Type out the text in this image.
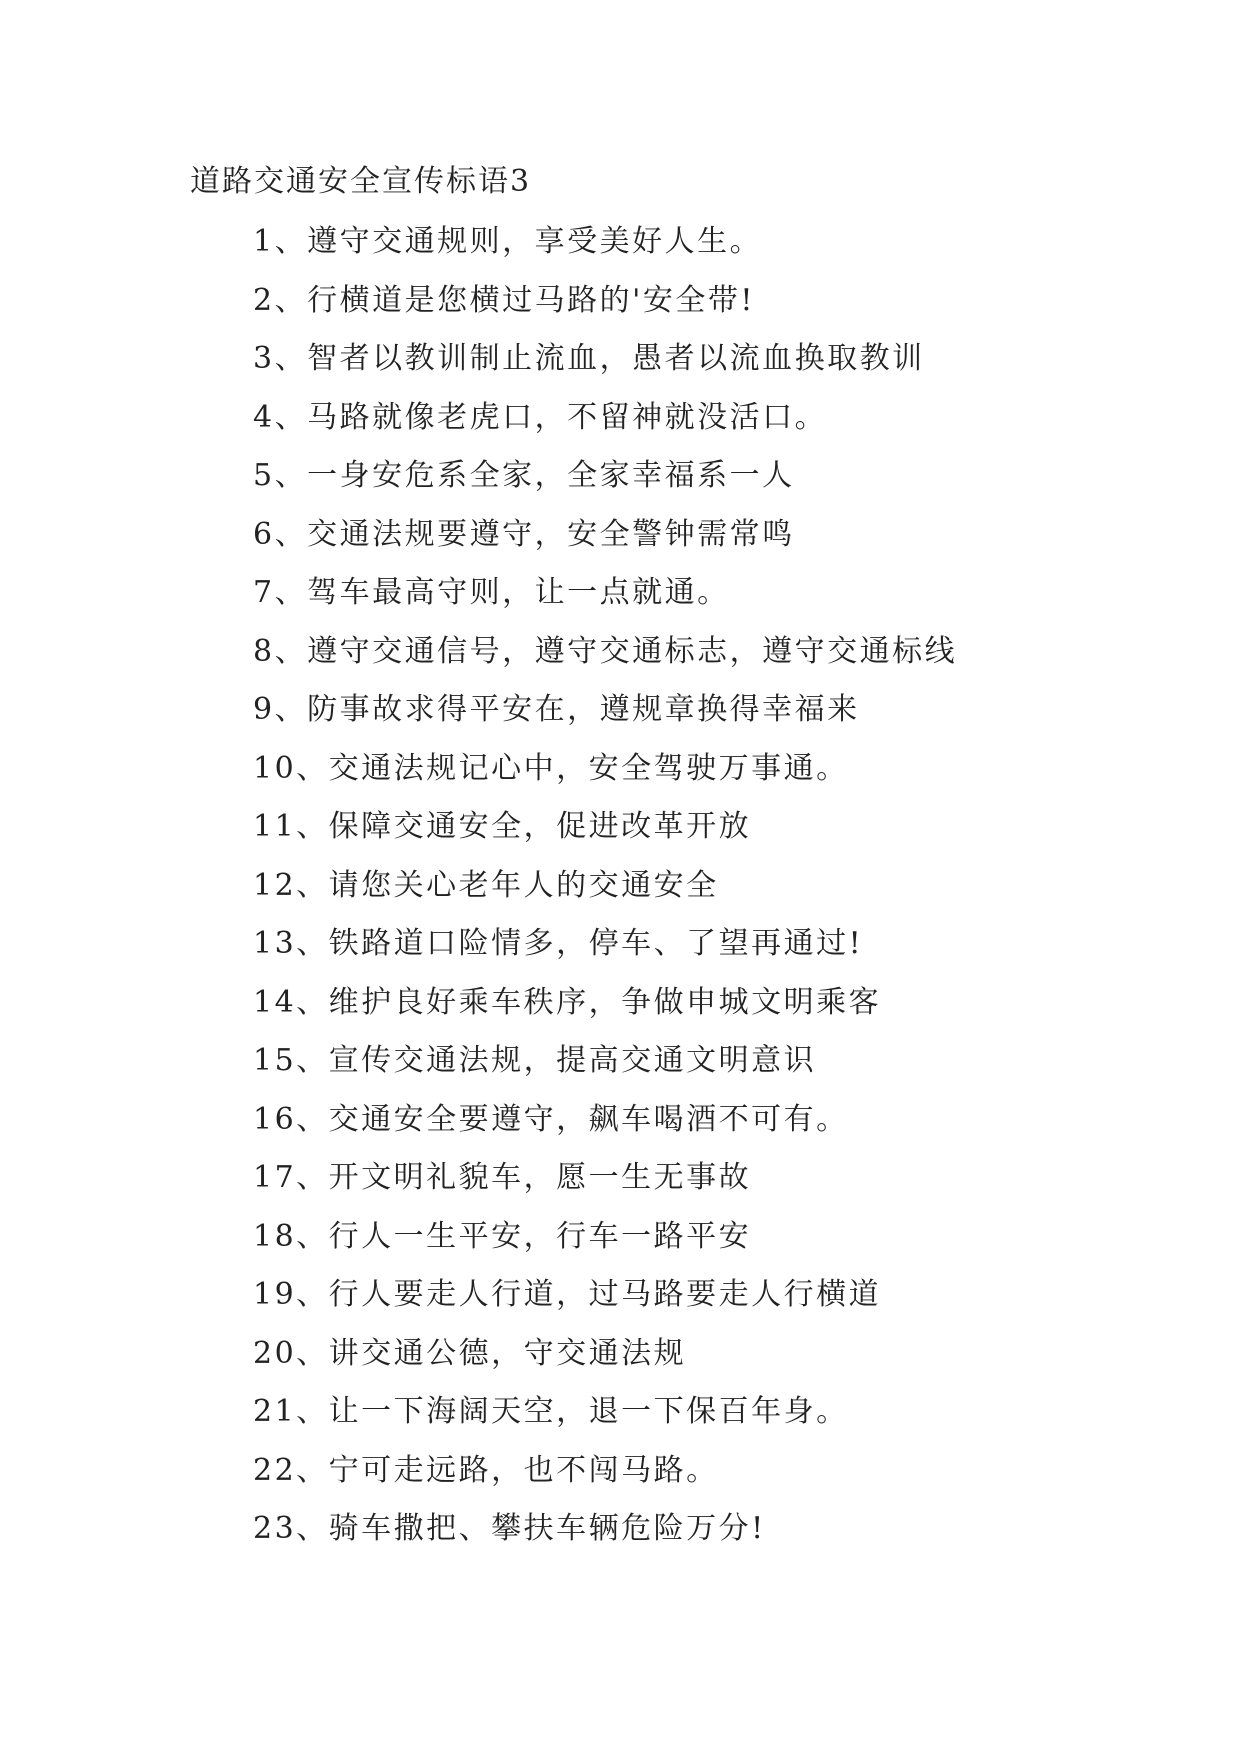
道路交通安全宣传标语3
1、遵守交通规则，享受美好人生。
2、行横道是您横过马路的'安全带!
3、智者以教训制止流血，愚者以流血换取教训
4、马路就像老虎口，不留神就没活口。
5、一身安危系全家，全家幸福系一人
6、交通法规要遵守，安全警钟需常鸣
7、驾车最高守则，让一点就通。
8、遵守交通信号，遵守交通标志，遵守交通标线
9、防事故求得平安在，遵规章换得幸福来
10、交通法规记心中，安全驾驶万事通。
11、保障交通安全，促进改革开放
12、请您关心老年人的交通安全
13、铁路道口险情多，停车、了望再通过!
14、维护良好乘车秩序，争做申城文明乘客
15、宣传交通法规，提高交通文明意识
16、交通安全要遵守，飙车喝酒不可有。
17、开文明礼貌车，愿一生无事故
18、行人一生平安，行车一路平安
19、行人要走人行道，过马路要走人行横道
20、讲交通公德，守交通法规
21、让一下海阔天空，退一下保百年身。
22、宁可走远路，也不闯马路。
23、骑车撒把、攀扶车辆危险万分!
